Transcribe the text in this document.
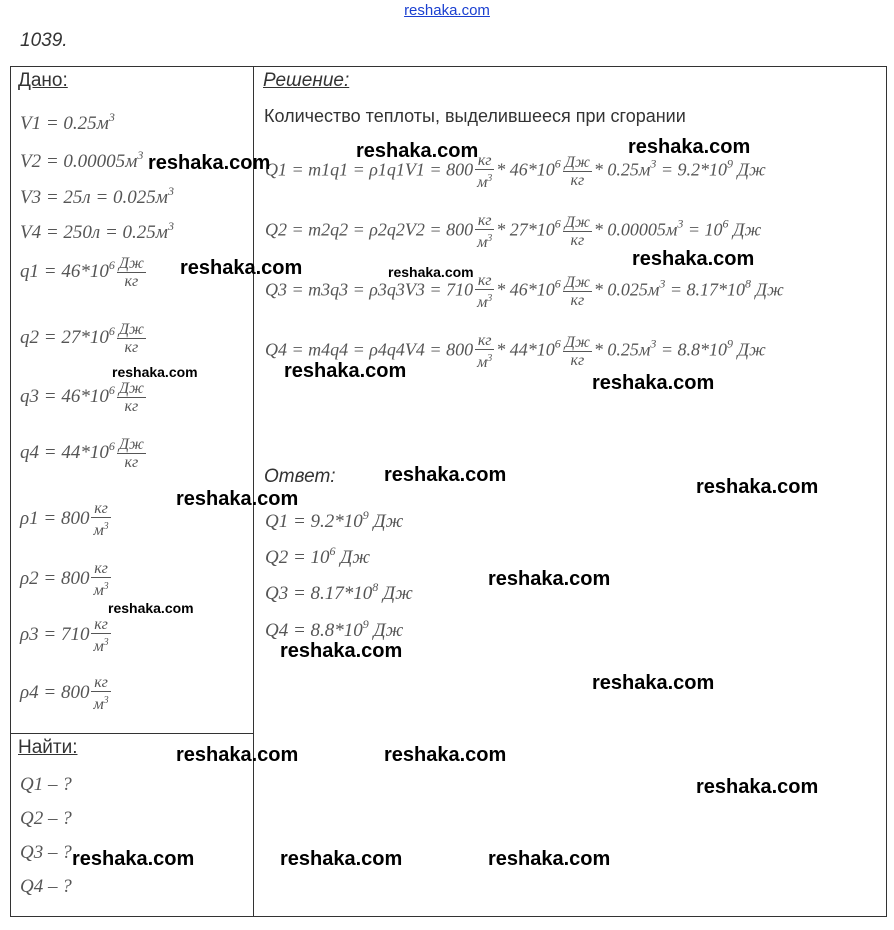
reshaka.com
1039.
Дано:	Решение:
Найти:
Количество теплоты, выделившееся при сгорании
$V1 = 0.25м^3$
$V2 = 0.00005м^3$
$V3 = 25л = 0.025м^3$
$V4 = 250л = 0.25м^3$
$q1 = 46*10^6 \frac{Дж}{кг}$
$q2 = 27*10^6 \frac{Дж}{кг}$
$q3 = 46*10^6 \frac{Дж}{кг}$
$q4 = 44*10^6 \frac{Дж}{кг}$
$\rho 1 = 800 \frac{кг}{м^3}$
$\rho 2 = 800 \frac{кг}{м^3}$
$\rho 3 = 710 \frac{кг}{м^3}$
$\rho 4 = 800 \frac{кг}{м^3}$
Q1 – ?
Q2 – ?
Q3 – ?
Q4 – ?
$Q1 = m1q1 = \rho 1q1V1 = 800 \frac{кг}{м^3} * 46*10^6 \frac{Дж}{кг} * 0.25м^3 = 9.2*10^9$ Дж
$Q2 = m2q2 = \rho 2q2V2 = 800 \frac{кг}{м^3} * 27*10^6 \frac{Дж}{кг} * 0.00005м^3 = 10^6$ Дж
$Q3 = m3q3 = \rho 3q3V3 = 710 \frac{кг}{м^3} * 46*10^6 \frac{Дж}{кг} * 0.025м^3 = 8.17*10^8$ Дж
$Q4 = m4q4 = \rho 4q4V4 = 800 \frac{кг}{м^3} * 44*10^6 \frac{Дж}{кг} * 0.25м^3 = 8.8*10^9$ Дж
Ответ:
$Q1 = 9.2*10^9$ Дж
$Q2 = 10^6$ Дж
$Q3 = 8.17*10^8$ Дж
$Q4 = 8.8*10^9$ Дж
reshaka.com
reshaka.com	reshaka.com
reshaka.com	reshaka.com
reshaka.com
reshaka.com	reshaka.com
reshaka.com
reshaka.com
reshaka.com
reshaka.com
reshaka.com
reshaka.com
reshaka.com
reshaka.com
reshaka.com	reshaka.com
reshaka.com
reshaka.com	reshaka.com	reshaka.com
